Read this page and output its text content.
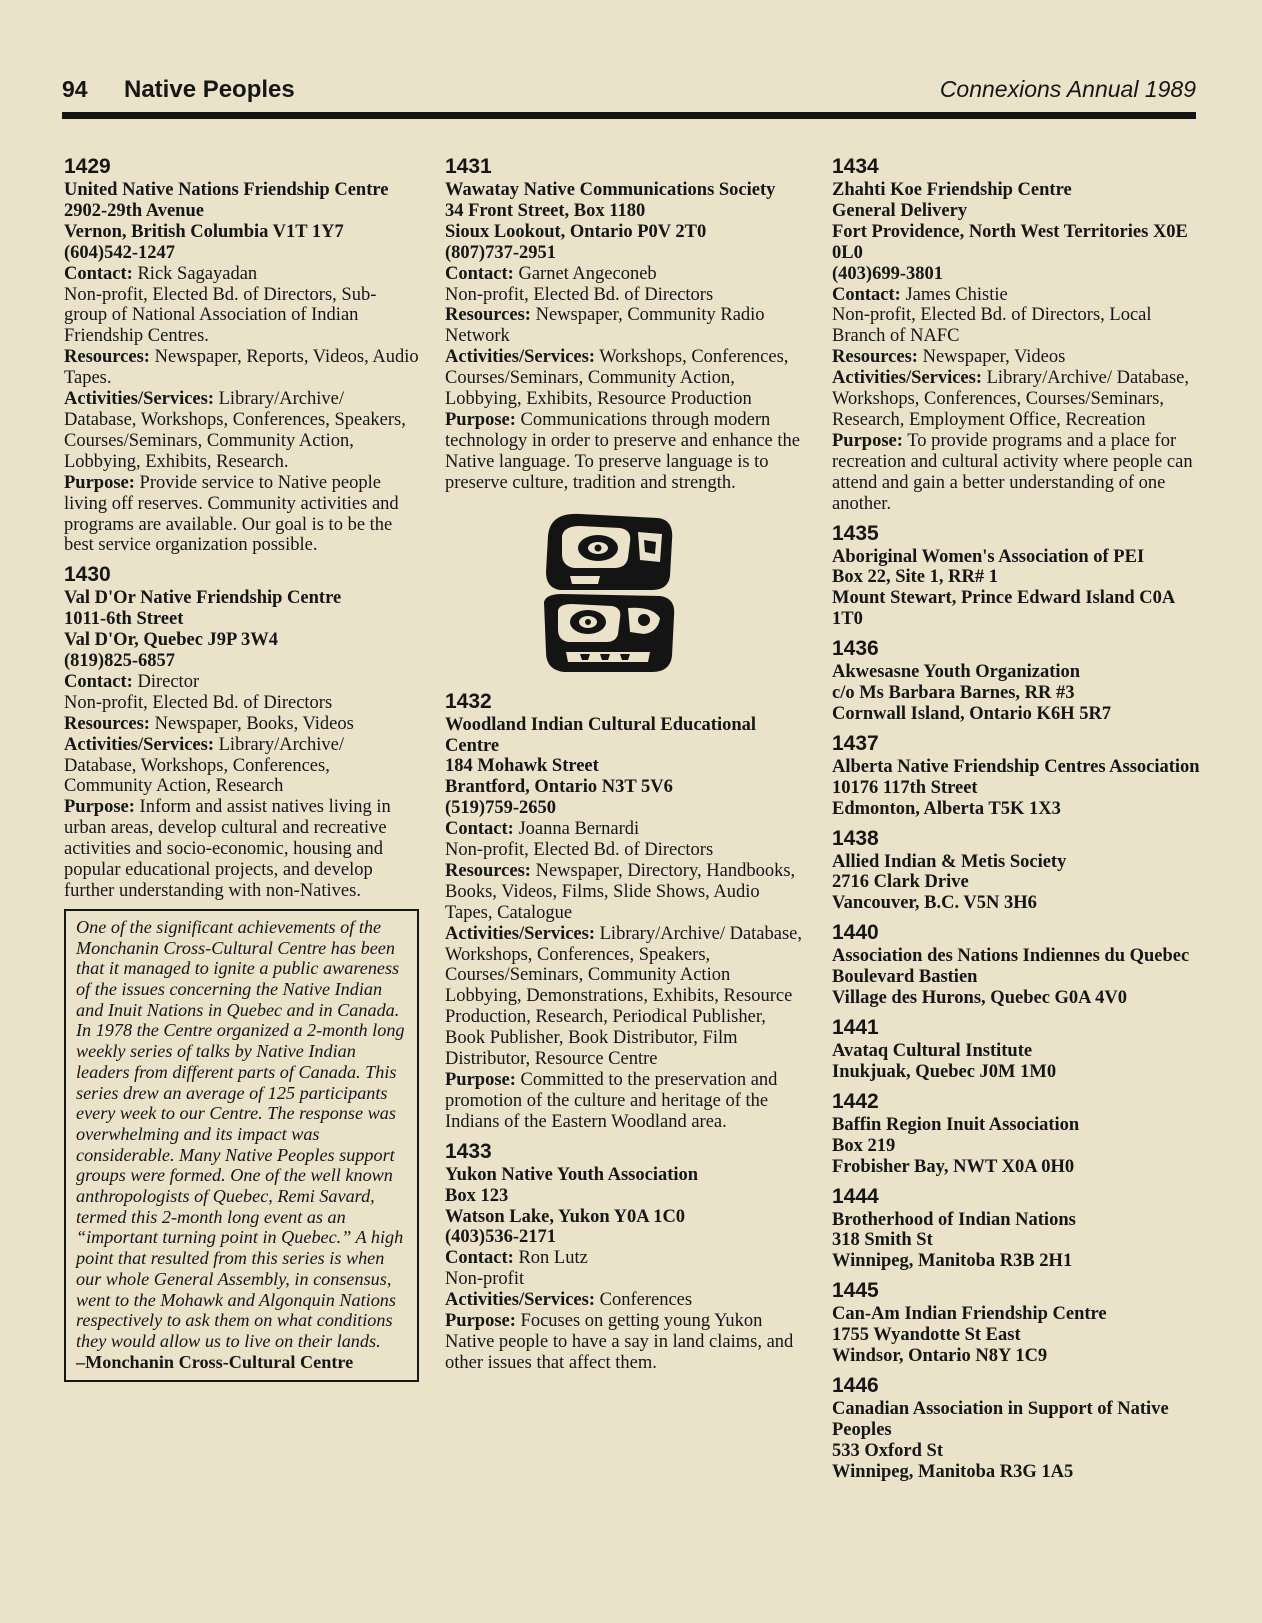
94 Native Peoples	Connexions Annual 1989
1429
United Native Nations Friendship Centre
2902-29th Avenue
Vernon, British Columbia V1T 1Y7
(604)542-1247
Contact: Rick Sagayadan
Non-profit, Elected Bd. of Directors, Sub-group of National Association of Indian Friendship Centres.
Resources: Newspaper, Reports, Videos, Audio Tapes.
Activities/Services: Library/Archive/ Database, Workshops, Conferences, Speakers, Courses/Seminars, Community Action, Lobbying, Exhibits, Research.
Purpose: Provide service to Native people living off reserves. Community activities and programs are available. Our goal is to be the best service organization possible.
1430
Val D'Or Native Friendship Centre
1011-6th Street
Val D'Or, Quebec J9P 3W4
(819)825-6857
Contact: Director
Non-profit, Elected Bd. of Directors
Resources: Newspaper, Books, Videos
Activities/Services: Library/Archive/ Database, Workshops, Conferences, Community Action, Research
Purpose: Inform and assist natives living in urban areas, develop cultural and recreative activities and socio-economic, housing and popular educational projects, and develop further understanding with non-Natives.
One of the significant achievements of the Monchanin Cross-Cultural Centre has been that it managed to ignite a public awareness of the issues concerning the Native Indian and Inuit Nations in Quebec and in Canada. In 1978 the Centre organized a 2-month long weekly series of talks by Native Indian leaders from different parts of Canada. This series drew an average of 125 participants every week to our Centre. The response was overwhelming and its impact was considerable. Many Native Peoples support groups were formed. One of the well known anthropologists of Quebec, Remi Savard, termed this 2-month long event as an “important turning point in Quebec.” A high point that resulted from this series is when our whole General Assembly, in consensus, went to the Mohawk and Algonquin Nations respectively to ask them on what conditions they would allow us to live on their lands.
–Monchanin Cross-Cultural Centre
1431
Wawatay Native Communications Society
34 Front Street, Box 1180
Sioux Lookout, Ontario P0V 2T0
(807)737-2951
Contact: Garnet Angeconeb
Non-profit, Elected Bd. of Directors
Resources: Newspaper, Community Radio Network
Activities/Services: Workshops, Conferences, Courses/Seminars, Community Action, Lobbying, Exhibits, Resource Production
Purpose: Communications through modern technology in order to preserve and enhance the Native language. To preserve language is to preserve culture, tradition and strength.
1432
Woodland Indian Cultural Educational Centre
184 Mohawk Street
Brantford, Ontario N3T 5V6
(519)759-2650
Contact: Joanna Bernardi
Non-profit, Elected Bd. of Directors
Resources: Newspaper, Directory, Handbooks, Books, Videos, Films, Slide Shows, Audio Tapes, Catalogue
Activities/Services: Library/Archive/ Database, Workshops, Conferences, Speakers, Courses/Seminars, Community Action Lobbying, Demonstrations, Exhibits, Resource Production, Research, Periodical Publisher, Book Publisher, Book Distributor, Film Distributor, Resource Centre
Purpose: Committed to the preservation and promotion of the culture and heritage of the Indians of the Eastern Woodland area.
1433
Yukon Native Youth Association
Box 123
Watson Lake, Yukon Y0A 1C0
(403)536-2171
Contact: Ron Lutz
Non-profit
Activities/Services: Conferences
Purpose: Focuses on getting young Yukon Native people to have a say in land claims, and other issues that affect them.
1434
Zhahti Koe Friendship Centre
General Delivery
Fort Providence, North West Territories X0E 0L0
(403)699-3801
Contact: James Chistie
Non-profit, Elected Bd. of Directors, Local Branch of NAFC
Resources: Newspaper, Videos
Activities/Services: Library/Archive/ Database, Workshops, Conferences, Courses/Seminars, Research, Employment Office, Recreation
Purpose: To provide programs and a place for recreation and cultural activity where people can attend and gain a better understanding of one another.
1435
Aboriginal Women's Association of PEI
Box 22, Site 1, RR# 1
Mount Stewart, Prince Edward Island C0A 1T0
1436
Akwesasne Youth Organization
c/o Ms Barbara Barnes, RR #3
Cornwall Island, Ontario K6H 5R7
1437
Alberta Native Friendship Centres Association
10176 117th Street
Edmonton, Alberta T5K 1X3
1438
Allied Indian & Metis Society
2716 Clark Drive
Vancouver, B.C. V5N 3H6
1440
Association des Nations Indiennes du Quebec
Boulevard Bastien
Village des Hurons, Quebec G0A 4V0
1441
Avataq Cultural Institute
Inukjuak, Quebec J0M 1M0
1442
Baffin Region Inuit Association
Box 219
Frobisher Bay, NWT X0A 0H0
1444
Brotherhood of Indian Nations
318 Smith St
Winnipeg, Manitoba R3B 2H1
1445
Can-Am Indian Friendship Centre
1755 Wyandotte St East
Windsor, Ontario N8Y 1C9
1446
Canadian Association in Support of Native Peoples
533 Oxford St
Winnipeg, Manitoba R3G 1A5
